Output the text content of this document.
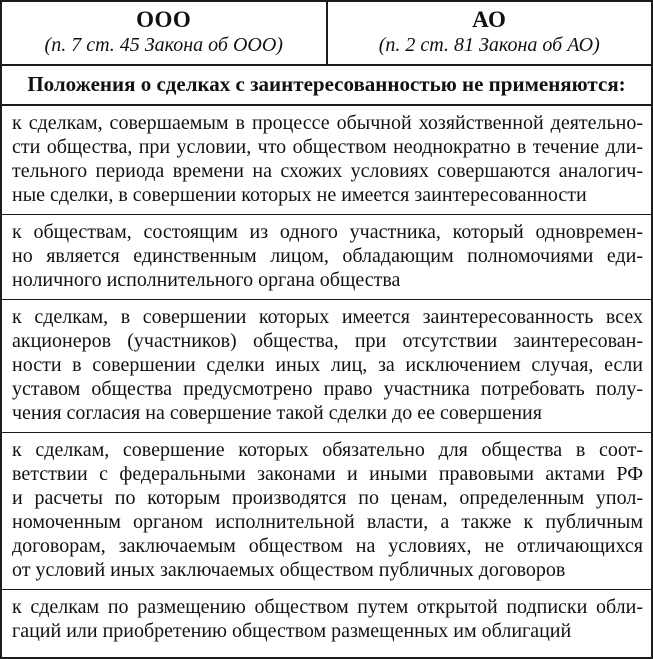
ООО
(п. 7 ст. 45 Закона об ООО)
АО
(п. 2 ст. 81 Закона об АО)
Положения о сделках с заинтересованностью не применяются:
к сделкам, совершаемым в процессе обычной хозяйственной деятельно-
сти общества, при условии, что обществом неоднократно в течение дли-
тельного периода времени на схожих условиях совершаются аналогич-
ные сделки, в совершении которых не имеется заинтересованности
к обществам, состоящим из одного участника, который одновремен-
но является единственным лицом, обладающим полномочиями еди-
ноличного исполнительного органа общества
к сделкам, в совершении которых имеется заинтересованность всех
акционеров (участников) общества, при отсутствии заинтересован-
ности в совершении сделки иных лиц, за исключением случая, если
уставом общества предусмотрено право участника потребовать полу-
чения согласия на совершение такой сделки до ее совершения
к сделкам, совершение которых обязательно для общества в соот-
ветствии с федеральными законами и иными правовыми актами РФ
и расчеты по которым производятся по ценам, определенным упол-
номоченным органом исполнительной власти, а также к публичным
договорам, заключаемым обществом на условиях, не отличающихся
от условий иных заключаемых обществом публичных договоров
к сделкам по размещению обществом путем открытой подписки обли-
гаций или приобретению обществом размещенных им облигаций
